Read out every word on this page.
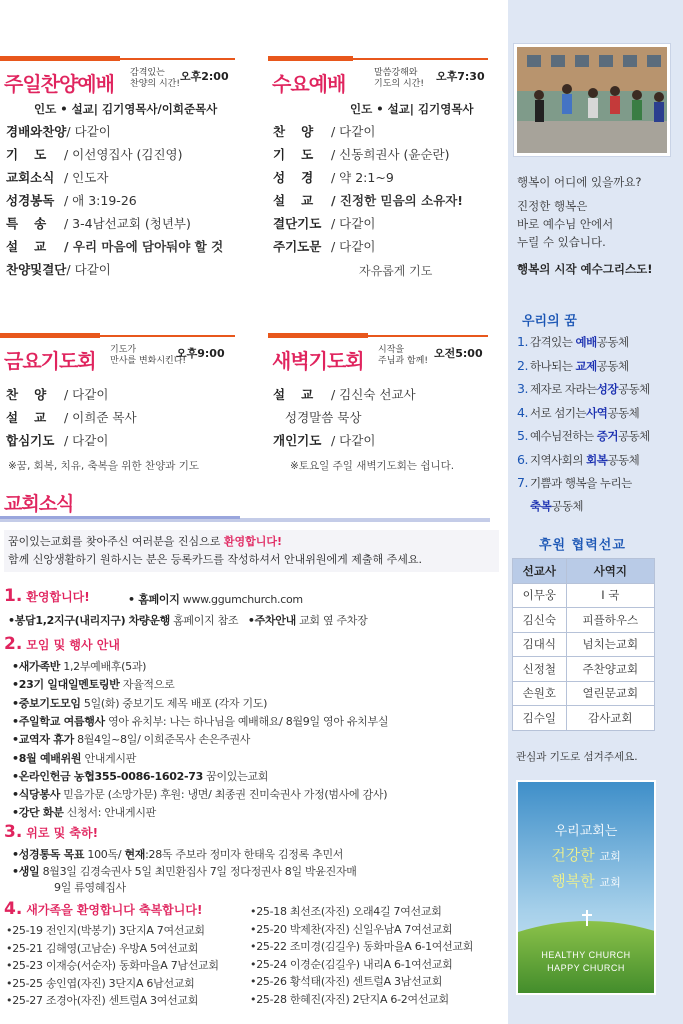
주일찬양예배 감격있는
찬양의 시간!
오후2:00
인도 • 설교| 김기영목사/이희준목사
경배와찬양 / 다같이
기도 / 이선영집사 (김진영)
교회소식 / 인도자
성경봉독 / 애 3:19-26
특송 / 3-4남선교회 (청년부)
설교 / 우리 마음에 담아둬야 할 것
찬양및결단 / 다같이
수요예배	말씀강해와
기도의 시간!
오후7:30
인도 • 설교| 김기영목사
찬양 / 다같이
기도 / 신동희권사 (윤순란)
성경 / 약 2:1~9
설교 / 진정한 믿음의 소유자!
결단기도 / 다같이
주기도문 / 다같이
자유롭게 기도
금요기도회 기도가
만사를 변화시킨다!
오후9:00
찬양 / 다같이
설교 / 이희준 목사
합심기도 / 다같이
※꿈, 회복, 치유, 축복을 위한 찬양과 기도
새벽기도회 시작을
주님과 함께!
오전5:00
설교 / 김신숙 선교사
성경말씀 묵상
개인기도 / 다같이
※토요일 주일 새벽기도회는 쉽니다.
교회소식
꿈이있는교회를 찾아주신 여러분을 진심으로 환영합니다!
함께 신앙생활하기 원하시는 분은 등록카드를 작성하셔서 안내위원에게 제출해 주세요.
1. 환영합니다!	• 홈페이지 www.ggumchurch.com
•봉담1,2지구(내리지구) 차량운행 홈페이지 참조 •주차안내 교회 옆 주차장
2. 모임 및 행사 안내
•새가족반 1,2부예배후(5과)
•23기 일대일멘토링반 자율적으로
•중보기도모임 5일(화) 중보기도 제목 배포 (각자 기도)
•주일학교 여름행사 영아 유치부: 나는 하나님을 예배해요/ 8월9일 영아 유치부실
•교역자 휴가 8월4일~8일/ 이희준목사 손은주권사
•8월 예배위원 안내게시판
•온라인헌금 농협355-0086-1602-73 꿈이있는교회
•식당봉사 믿음가문 (소망가문) 후원: 냉면/ 최종권 진미숙권사 가정(범사에 감사)
•강단 화분 신청서: 안내게시판
3. 위로 및 축하!
•성경통독 목표 100독/ 현재:28독 주보라 정미자 한태욱 김정록 추민서
•생일 8월3일 김경숙권사 5일 최민환집사 7일 정다정권사 8일 박윤진자매
9일 류영혜집사
4. 새가족을 환영합니다 축복합니다!
•25-19 전인지(박봉기) 3단지A 7여선교회
•25-21 김해영(고남순) 우방A 5여선교회
•25-23 이재승(서순자) 동화마을A 7남선교회
•25-25 송인엽(자진) 3단지A 6남선교회
•25-27 조경아(자진) 센트럴A 3여선교회
•25-18 최선조(자진) 오래4길 7여선교회
•25-20 박제찬(자진) 신일우남A 7여선교회
•25-22 조미경(김길우) 동화마을A 6-1여선교회
•25-24 이경순(김길우) 내리A 6-1여선교회
•25-26 황석태(자진) 센트럴A 3남선교회
•25-28 한혜진(자진) 2단지A 6-2여선교회
행복이 어디에 있을까요?
진정한 행복은
바로 예수님 안에서
누릴 수 있습니다.
행복의 시작 예수그리스도!
우리의 꿈
1. 감격있는 예배공동체
2. 하나되는 교제공동체
3. 제자로 자라는성장공동체
4. 서로 섬기는사역공동체
5. 예수님전하는 증거공동체
6. 지역사회의 회복공동체
7. 기쁨과 행복을 누리는
축복공동체
후원 협력선교
선교사	사역지
이무웅	I 국
김신숙	피플하우스
김대식	넘치는교회
신정철	주찬양교회
손원호	열린문교회
김수일	감사교회
관심과 기도로 섬겨주세요.
우리교회는
건강한 교회
행복한 교회
HEALTHY CHURCH
HAPPY CHURCH
